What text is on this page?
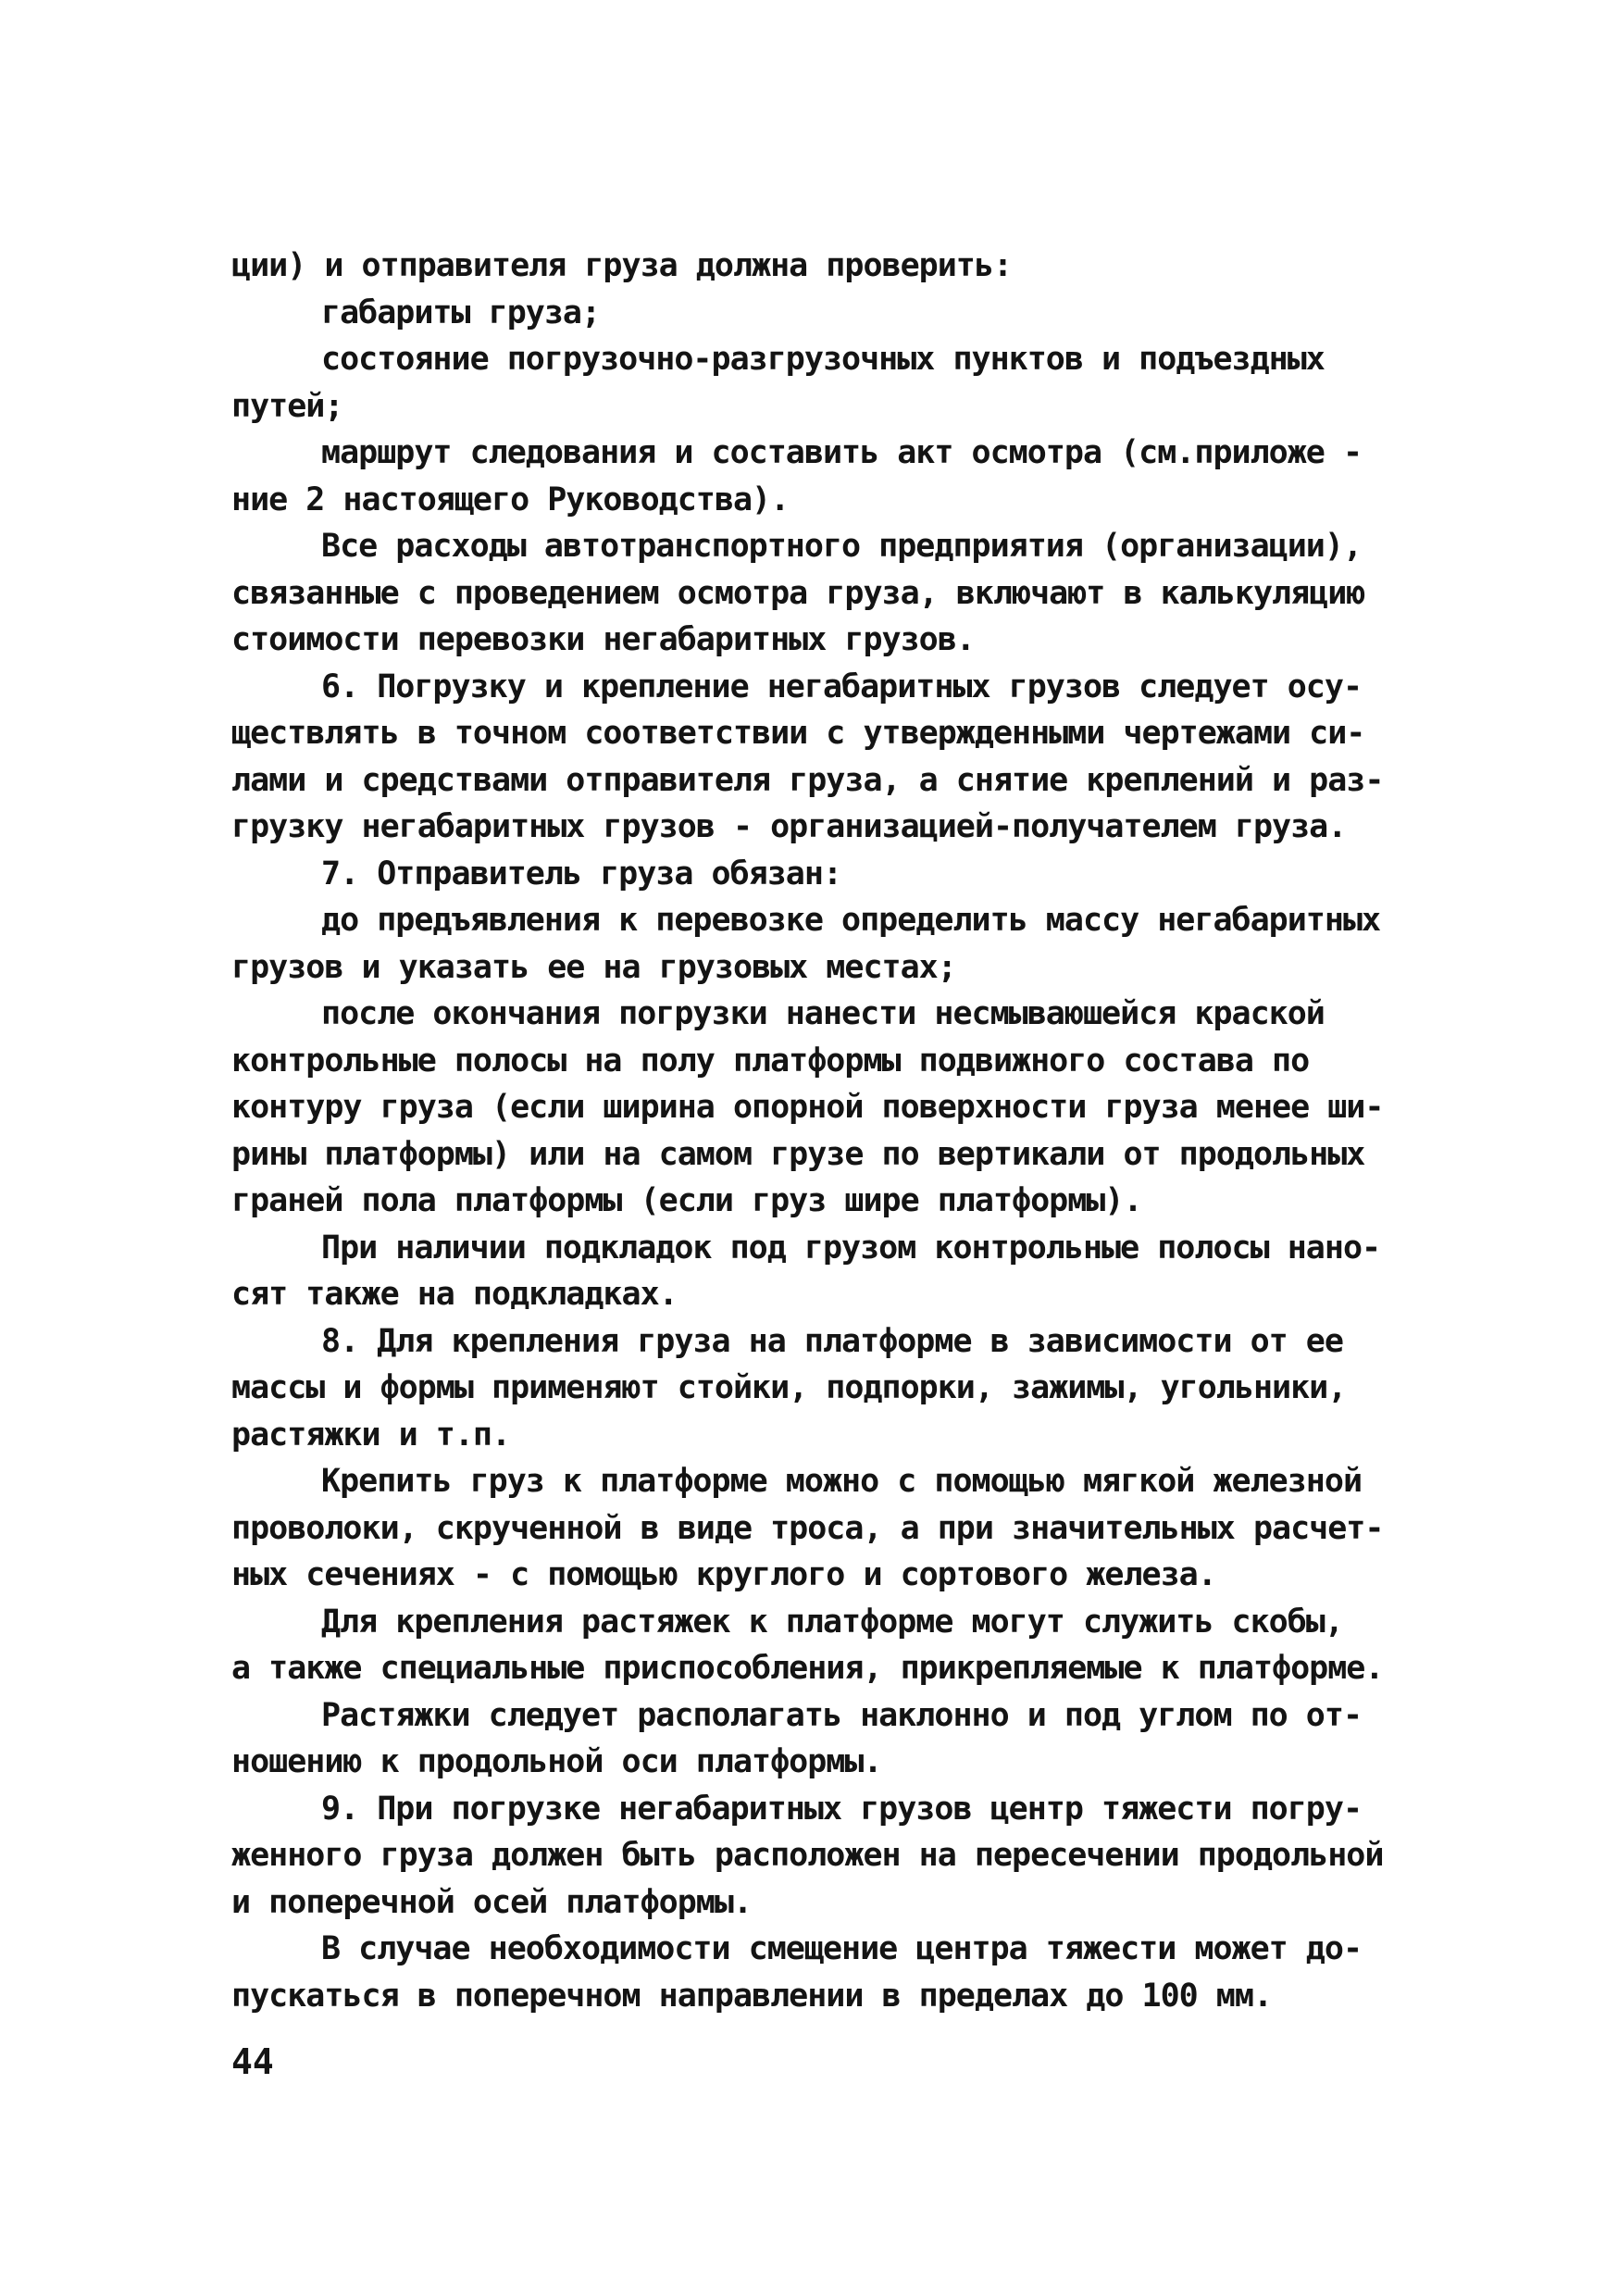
ции) и отправителя груза должна проверить:
габариты груза;
состояние погрузочно-разгрузочных пунктов и подъездных
путей;
маршрут следования и составить акт осмотра (см.приложе -
ние 2 настоящего Руководства).
Все расходы автотранспортного предприятия (организации),
связанные с проведением осмотра груза, включают в калькуляцию
стоимости перевозки негабаритных грузов.
6. Погрузку и крепление негабаритных грузов следует осу-
ществлять в точном соответствии с утвержденными чертежами си-
лами и средствами отправителя груза, а снятие креплений и раз-
грузку негабаритных грузов - организацией-получателем груза.
7. Отправитель груза обязан:
до предъявления к перевозке определить массу негабаритных
грузов и указать ее на грузовых местах;
после окончания погрузки нанести несмываюшейся краской
контрольные полосы на полу платформы подвижного состава по
контуру груза (если ширина опорной поверхности груза менее ши-
рины платформы) или на самом грузе по вертикали от продольных
граней пола платформы (если груз шире платформы).
При наличии подкладок под грузом контрольные полосы нано-
сят также на подкладках.
8. Для крепления груза на платформе в зависимости от ее
массы и формы применяют стойки, подпорки, зажимы, угольники,
растяжки и т.п.
Крепить груз к платформе можно с помощью мягкой железной
проволоки, скрученной в виде троса, а при значительных расчет-
ных сечениях - с помощью круглого и сортового железа.
Для крепления растяжек к платформе могут служить скобы,
а также специальные приспособления, прикрепляемые к платформе.
Растяжки следует располагать наклонно и под углом по от-
ношению к продольной оси платформы.
9. При погрузке негабаритных грузов центр тяжести погру-
женного груза должен быть расположен на пересечении продольной
и поперечной осей платформы.
В случае необходимости смещение центра тяжести может до-
пускаться в поперечном направлении в пределах до 100 мм.
44
